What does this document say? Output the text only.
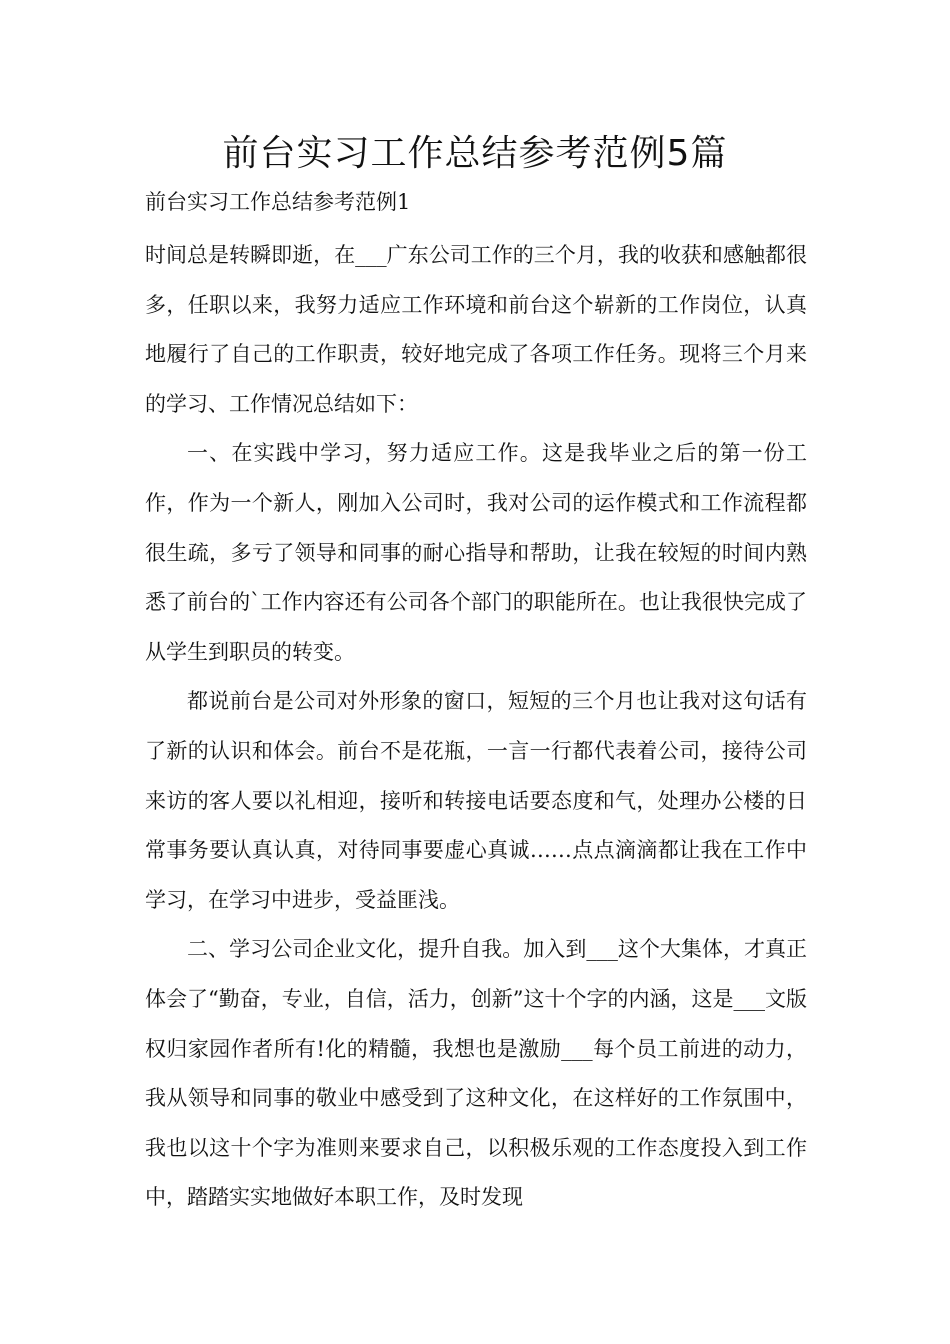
前台实习工作总结参考范例5篇
前台实习工作总结参考范例1

时间总是转瞬即逝，在___广东公司工作的三个月，我的收获和感触都很多，任职以来，我努力适应工作环境和前台这个崭新的工作岗位，认真地履行了自己的工作职责，较好地完成了各项工作任务。现将三个月来的学习、工作情况总结如下：

一、在实践中学习，努力适应工作。这是我毕业之后的第一份工作，作为一个新人，刚加入公司时，我对公司的运作模式和工作流程都很生疏，多亏了领导和同事的耐心指导和帮助，让我在较短的时间内熟悉了前台的`工作内容还有公司各个部门的职能所在。也让我很快完成了从学生到职员的转变。

都说前台是公司对外形象的窗口，短短的三个月也让我对这句话有了新的认识和体会。前台不是花瓶，一言一行都代表着公司，接待公司来访的客人要以礼相迎，接听和转接电话要态度和气，处理办公楼的日常事务要认真认真，对待同事要虚心真诚……点点滴滴都让我在工作中学习，在学习中进步，受益匪浅。

二、学习公司企业文化，提升自我。加入到___这个大集体，才真正体会了“勤奋，专业，自信，活力，创新”这十个字的内涵，这是___文版权归家园作者所有!化的精髓，我想也是激励___每个员工前进的动力，我从领导和同事的敬业中感受到了这种文化，在这样好的工作氛围中，我也以这十个字为准则来要求自己，以积极乐观的工作态度投入到工作中，踏踏实实地做好本职工作，及时发现
